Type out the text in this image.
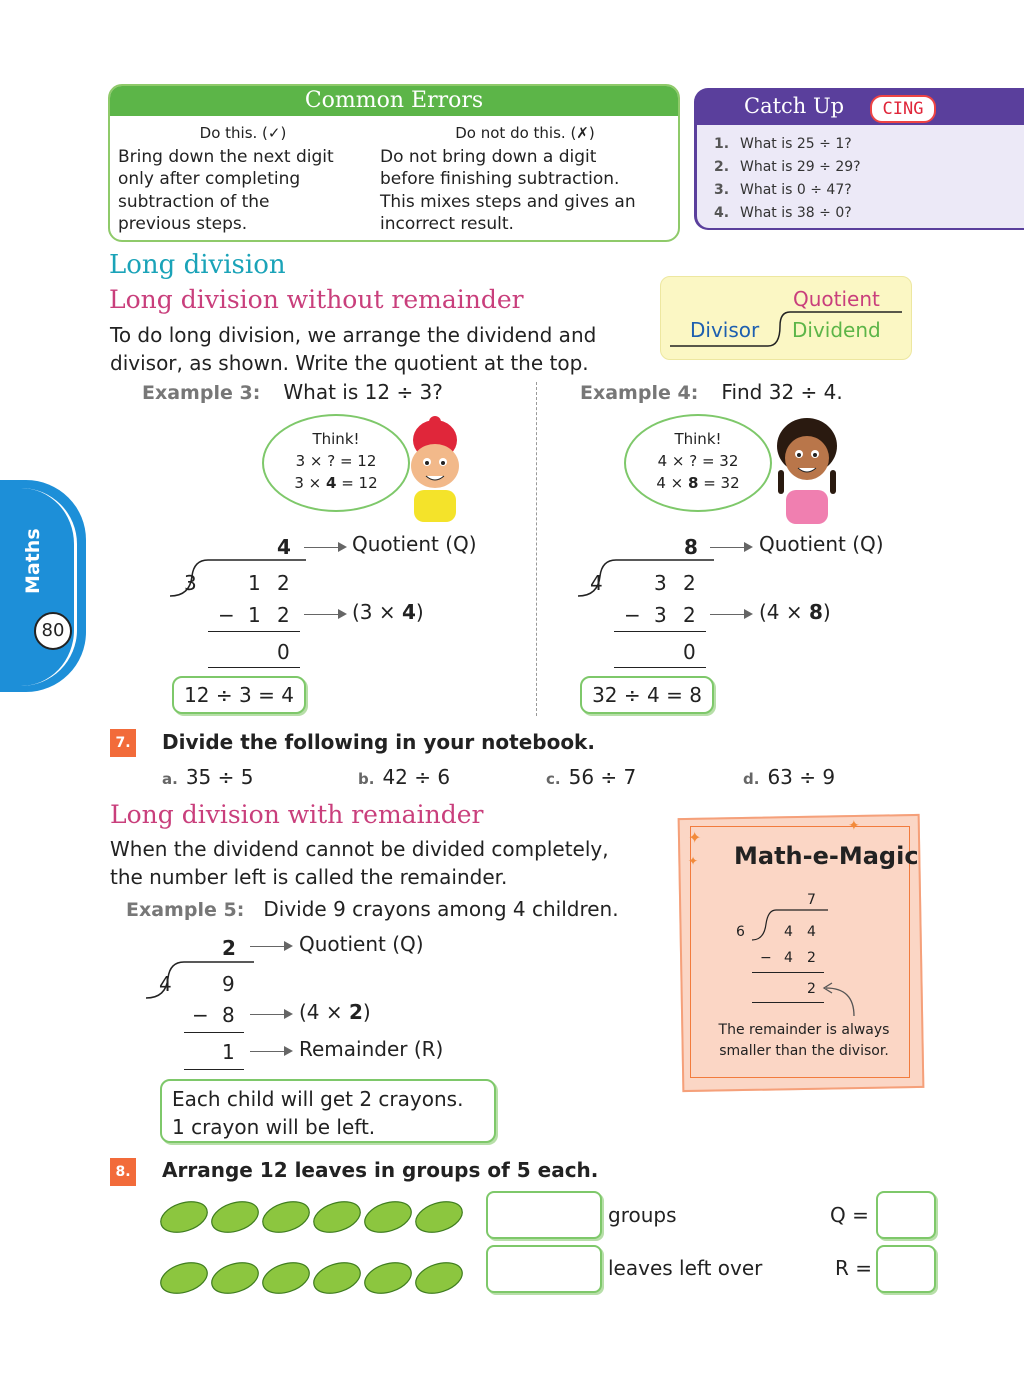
Common Errors
Do this. (✓)
Bring down the next digit
only after completing
subtraction of the
previous steps.
Do not do this. (✗)
Do not bring down a digit
before finishing subtraction.
This mixes steps and gives an
incorrect result.
Catch Up	CING
1. What is 25 ÷ 1?
2. What is 29 ÷ 29?
3. What is 0 ÷ 47?
4. What is 38 ÷ 0?
Long division
Long division without remainder
To do long division, we arrange the dividend and
divisor, as shown. Write the quotient at the top.
Quotient
Divisor Dividend
Example 3: What is 12 ÷ 3?
Think!
3 × ? = 12
3 × 4 = 12
4	Quotient (Q)
3	1 2
− 1 2	(3 × 4)
0
12 ÷ 3 = 4
Example 4: Find 32 ÷ 4.
Think!
4 × ? = 32
4 × 8 = 32
8	Quotient (Q)
4	3 2
− 3 2	(4 × 8)
0
32 ÷ 4 = 8
Maths
80
7. Divide the following in your notebook.
a. 35 ÷ 5	b. 42 ÷ 6	c. 56 ÷ 7	d. 63 ÷ 9
Long division with remainder
When the dividend cannot be divided completely,
the number left is called the remainder.
Example 5: Divide 9 crayons among 4 children.
2	Quotient (Q)
4	9
− 8	(4 × 2)
1	Remainder (R)
Each child will get 2 crayons.
1 crayon will be left.
Math-e-Magic
✦
✦
✦
7
6	4 4
− 4 2
2
The remainder is always
smaller than the divisor.
8. Arrange 12 leaves in groups of 5 each.
groups	Q =
leaves left over	R =
